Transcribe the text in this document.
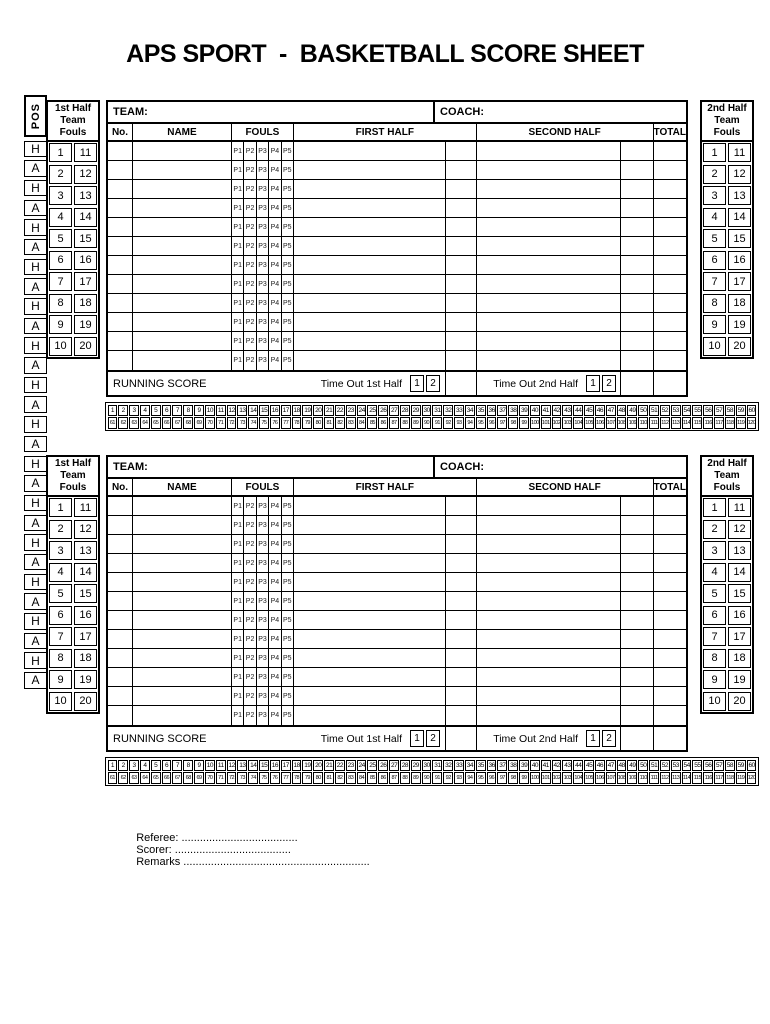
APS SPORT  -  BASKETBALL SCORE SHEET
POS
H
A
H
A
H
A
H
A
H
A
H
A
H
A
H
A
H
A
H
A
H
A
H
A
H
A
H
A

Referee: ......................................
Scorer: ......................................
Remarks .............................................................

1st Half
Team Fouls
1	11
2	12
3	13
4	14
5	15
6	16
7	17
8	18
9	19
10	20
2nd Half
Team Fouls
1	11
2	12
3	13
4	14
5	15
6	16
7	17
8	18
9	19
10	20
TEAM:	COACH:
No.	NAME	FOULS	FIRST HALF	SECOND HALF	TOTAL
P1 P2 P3 P4 P5
P1 P2 P3 P4 P5
P1 P2 P3 P4 P5
P1 P2 P3 P4 P5
P1 P2 P3 P4 P5
P1 P2 P3 P4 P5
P1 P2 P3 P4 P5
P1 P2 P3 P4 P5
P1 P2 P3 P4 P5
P1 P2 P3 P4 P5
P1 P2 P3 P4 P5
P1 P2 P3 P4 P5
RUNNING SCORE	Time Out 1st Half	1	2	Time Out 2nd Half	1	2
1	2	3	4	5	6	7	8	9 10 11 12 13 14 15 16 17 18 19 20 21 22 23 24 25 26 27 28 29 30 31 32 33 34 35 36 37 38 39 40 41 42 43 44 45 46 47 48 49 50 51 52 53 54 55 56 57 58 59 60
61	62	63	64	65	66	67	68	69	70	71	72	73	74	75	76	77	78	79	80	81	82	83	84	85	86	87	88	89	90	91	92	93	94	95	96	97	98	99 100 101 102 103 104 105 106 107 108 109 110 111 112 113 114 115 116 117 118 119 120
1st Half
Team Fouls
1	11
2	12
3	13
4	14
5	15
6	16
7	17
8	18
9	19
10	20
2nd Half
Team Fouls
1	11
2	12
3	13
4	14
5	15
6	16
7	17
8	18
9	19
10	20
TEAM:	COACH:
No.	NAME	FOULS	FIRST HALF	SECOND HALF	TOTAL
P1 P2 P3 P4 P5
P1 P2 P3 P4 P5
P1 P2 P3 P4 P5
P1 P2 P3 P4 P5
P1 P2 P3 P4 P5
P1 P2 P3 P4 P5
P1 P2 P3 P4 P5
P1 P2 P3 P4 P5
P1 P2 P3 P4 P5
P1 P2 P3 P4 P5
P1 P2 P3 P4 P5
P1 P2 P3 P4 P5
RUNNING SCORE	Time Out 1st Half	1	2	Time Out 2nd Half	1	2
1	2	3	4	5	6	7	8	9 10 11 12 13 14 15 16 17 18 19 20 21 22 23 24 25 26 27 28 29 30 31 32 33 34 35 36 37 38 39 40 41 42 43 44 45 46 47 48 49 50 51 52 53 54 55 56 57 58 59 60
61	62	63	64	65	66	67	68	69	70	71	72	73	74	75	76	77	78	79	80	81	82	83	84	85	86	87	88	89	90	91	92	93	94	95	96	97	98	99 100 101 102 103 104 105 106 107 108 109 110 111 112 113 114 115 116 117 118 119 120
